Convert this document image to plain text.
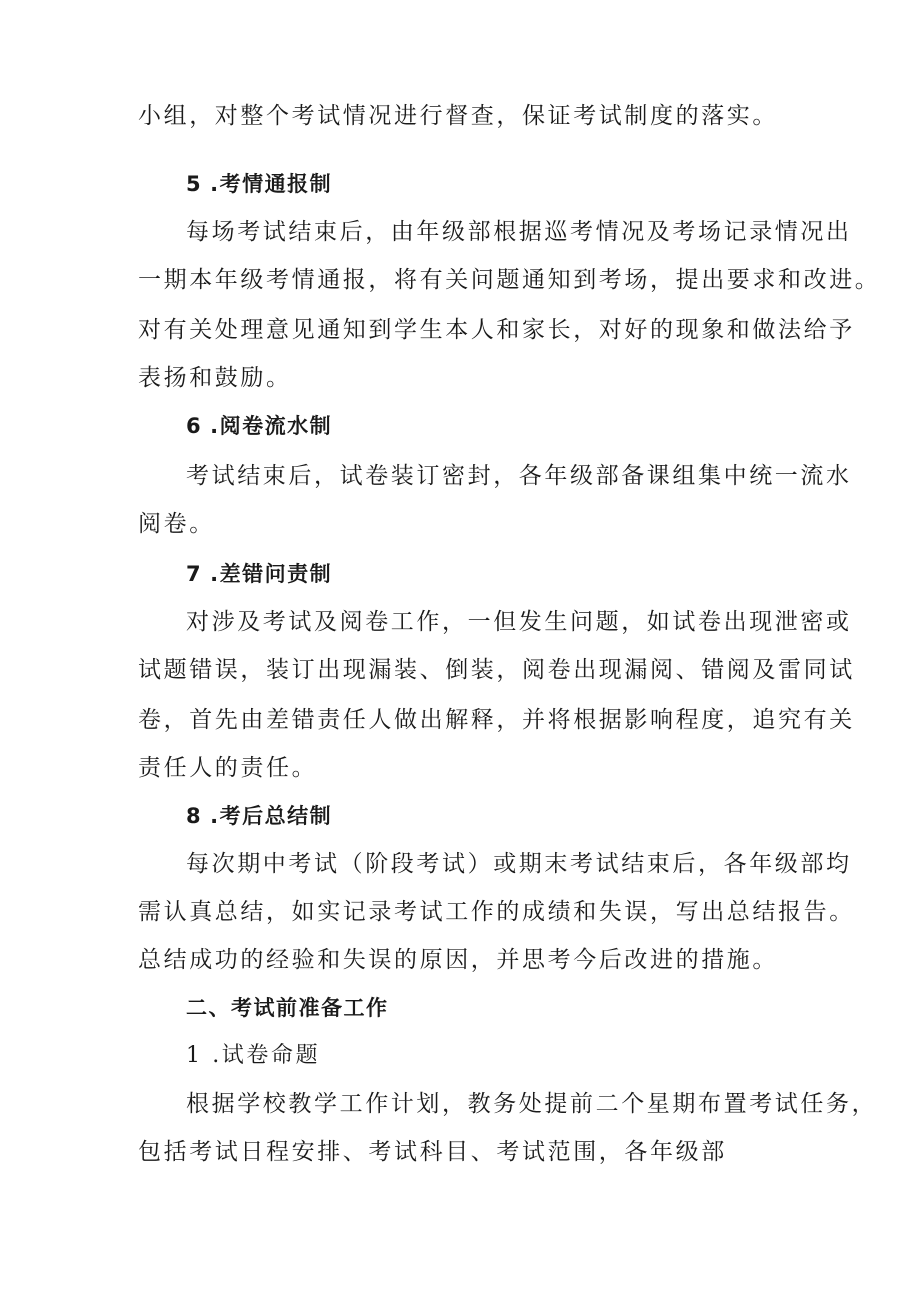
小组，对整个考试情况进行督查，保证考试制度的落实。
5 .考情通报制
每场考试结束后，由年级部根据巡考情况及考场记录情况出
一期本年级考情通报，将有关问题通知到考场，提出要求和改进。
对有关处理意见通知到学生本人和家长，对好的现象和做法给予
表扬和鼓励。
6 .阅卷流水制
考试结束后，试卷装订密封，各年级部备课组集中统一流水
阅卷。
7 .差错问责制
对涉及考试及阅卷工作，一但发生问题，如试卷出现泄密或
试题错误，装订出现漏装、倒装，阅卷出现漏阅、错阅及雷同试
卷，首先由差错责任人做出解释，并将根据影响程度，追究有关
责任人的责任。
8 .考后总结制
每次期中考试（阶段考试）或期末考试结束后，各年级部均
需认真总结，如实记录考试工作的成绩和失误，写出总结报告。
总结成功的经验和失误的原因，并思考今后改进的措施。
二、考试前准备工作
1 .试卷命题
根据学校教学工作计划，教务处提前二个星期布置考试任务，
包括考试日程安排、考试科目、考试范围，各年级部
